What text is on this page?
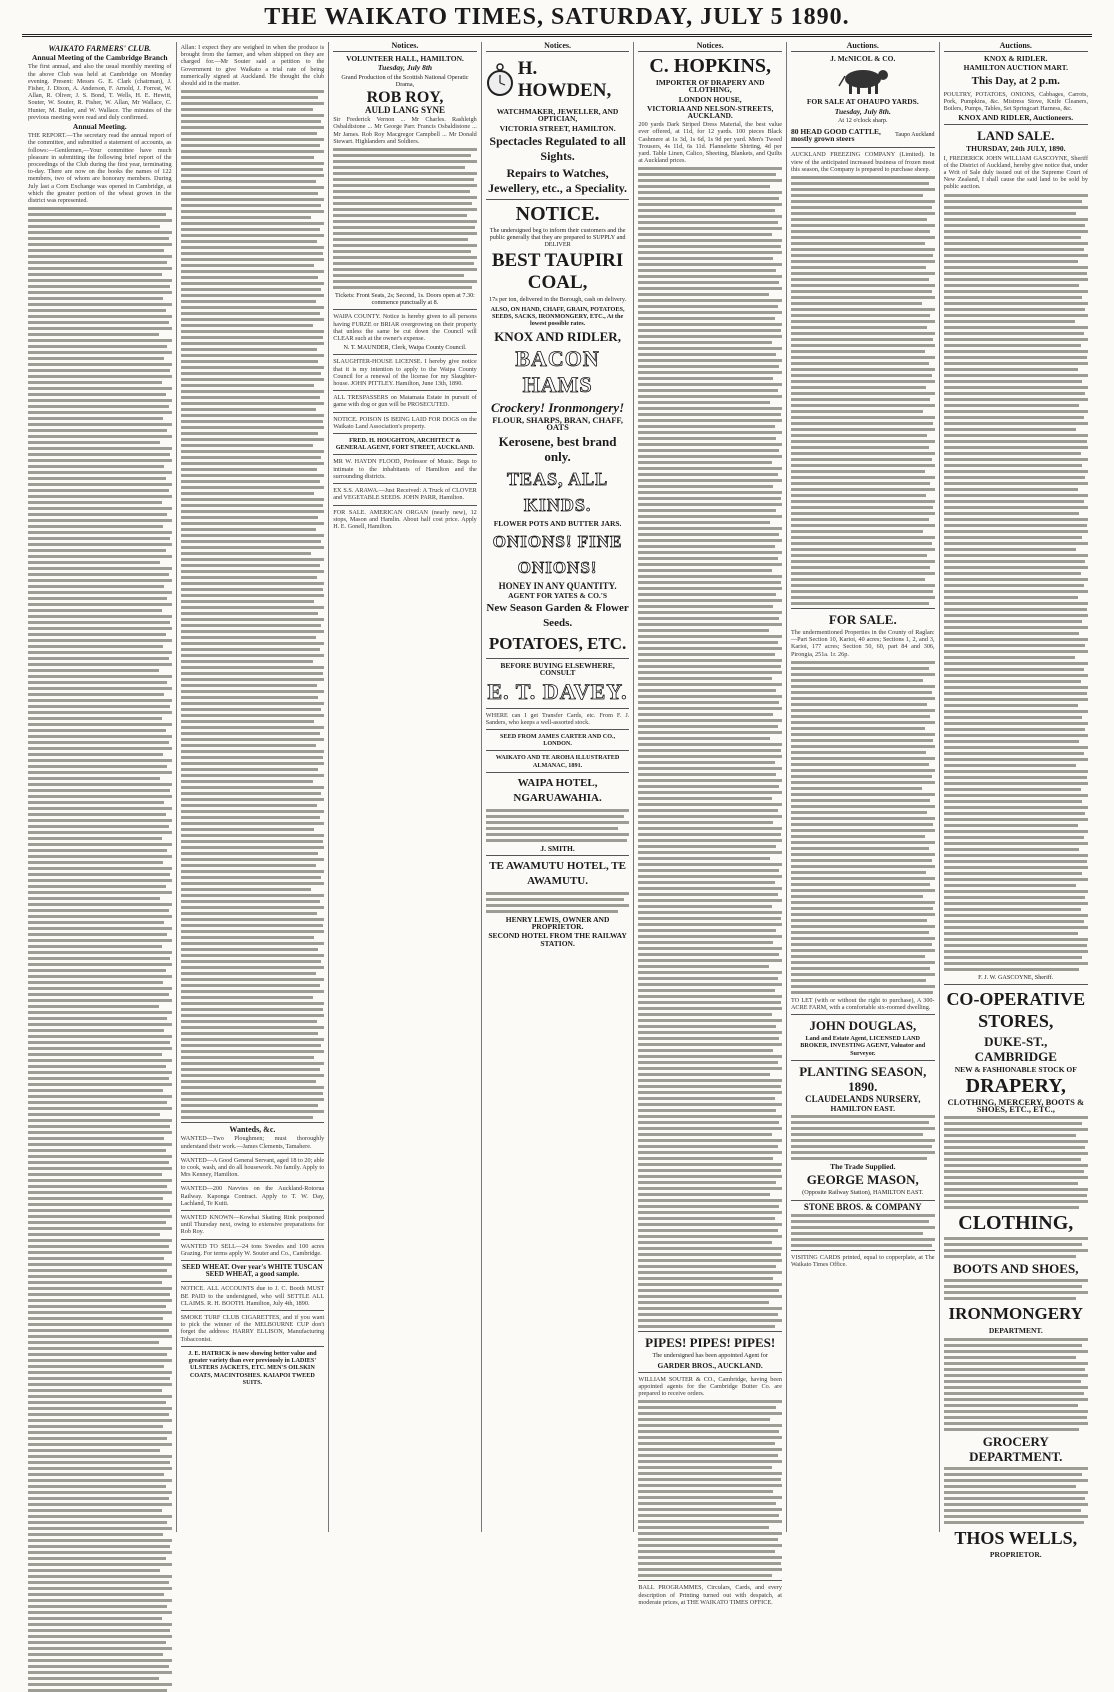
THE WAIKATO TIMES, SATURDAY, JULY 5 1890.
WAIKATO FARMERS' CLUB.
Annual Meeting of the Cambridge Branch

The first annual, and also the usual monthly meeting of the above Club was held at Cambridge on Monday evening. Present: Messrs G. E. Clark (chairman), J. Fisher, J. Dixon, A. Anderson, F. Arnold, J. Forrest, W. Allan, R. Oliver, J. S. Bond, T. Wells, H. E. Hewitt, Souter, W. Souter, R. Fisher, W. Allan, Mr Wallace, C. Hunter, M. Butler, and W. Wallace. The minutes of the previous meeting were read and duly confirmed.

Annual Meeting.

THE REPORT.—The secretary read the annual report of the committee, and submitted a statement of accounts, as follows:—Gentlemen,—Your committee have much pleasure in submitting the following brief report of the proceedings of the Club during the first year, terminating to-day. There are now on the books the names of 122 members, two of whom are honorary members. During July last a Corn Exchange was opened in Cambridge, at which the greater portion of the wheat grown in the district was represented.

Allan: I expect they are weighed in when the produce is brought from the farmer, and when shipped on they are charged for.—Mr Souter said a petition to the Government to give Waikato a trial rate of being numerically signed at Auckland. He thought the club should aid in the matter.

Wanteds, &c.

WANTED—Two Ploughmen; must thoroughly understand their work.—James Clements, Tamahere.

WANTED—A Good General Servant, aged 18 to 20; able to cook, wash, and do all housework. No family. Apply to Mrs Kenney, Hamilton.

WANTED—200 Navvies on the Auckland-Rotorua Railway. Kaponga Contract. Apply to T. W. Day, Lachland, Te Kuiti.

WANTED KNOWN—Kowhai Skating Rink postponed until Thursday next, owing to extensive preparations for Rob Roy.

WANTED TO SELL—24 tons Swedes and 100 acres Grazing. For terms apply W. Souter and Co., Cambridge.

SEED WHEAT. Over year's WHITE TUSCAN SEED WHEAT, a good sample.

NOTICE. ALL ACCOUNTS due to J. C. Booth MUST BE PAID to the undersigned, who will SETTLE ALL CLAIMS. R. H. BOOTH. Hamilton, July 4th, 1890.

SMOKE TURF CLUB CIGARETTES, and if you want to pick the winner of the MELBOURNE CUP don't forget the address: HARRY ELLISON, Manufacturing Tobacconist.

J. E. HATRICK is now showing better value and greater variety than ever previously in LADIES' ULSTERS JACKETS, ETC. MEN'S OILSKIN COATS, MACINTOSHES. KAIAPOI TWEED SUITS.

Notices.
VOLUNTEER HALL, HAMILTON.
Tuesday, July 8th

Grand Production of the Scottish National Operatic Drama,

ROB ROY,
AULD LANG SYNE

Sir Frederick Vernon ... Mr Charles. Rashleigh Osbaldistone ... Mr George Parr. Francis Osbaldistone ... Mr James. Rob Roy Macgregor Campbell ... Mr Donald Stewart. Highlanders and Soldiers.

Tickets: Front Seats, 2s; Second, 1s. Doors open at 7.30: commence punctually at 8.

WAIPA COUNTY. Notice is hereby given to all persons having FURZE or BRIAR overgrowing on their property that unless the same be cut down the Council will CLEAR such at the owner's expense.

N. T. MAUNDER, Clerk, Waipa County Council.

SLAUGHTER-HOUSE LICENSE. I hereby give notice that it is my intention to apply to the Waipa County Council for a renewal of the license for my Slaughter-house. JOHN PITTLEY. Hamilton, June 13th, 1890.

ALL TRESPASSERS on Matamata Estate in pursuit of game with dog or gun will be PROSECUTED.

NOTICE. POISON IS BEING LAID FOR DOGS on the Waikato Land Association's property.

FRED. H. HOUGHTON, ARCHITECT & GENERAL AGENT, FORT STREET, AUCKLAND.

MR W. HAYDN FLOOD, Professor of Music. Begs to intimate to the inhabitants of Hamilton and the surrounding districts.

EX S.S. ARAWA.—Just Received: A Truck of CLOVER and VEGETABLE SEEDS. JOHN PARR, Hamilton.

FOR SALE. AMERICAN ORGAN (nearly new), 12 stops, Mason and Hamlin. About half cost price. Apply H. E. Gonell, Hamilton.

Notices.
H. HOWDEN,
WATCHMAKER, JEWELLER, AND OPTICIAN,
VICTORIA STREET, HAMILTON.
Spectacles Regulated to all Sights.
Repairs to Watches, Jewellery, etc., a Speciality.
NOTICE.

The undersigned beg to inform their customers and the public generally that they are prepared to SUPPLY and DELIVER

BEST TAUPIRI COAL,

17s per ton, delivered in the Borough, cash on delivery.

ALSO, ON HAND, CHAFF, GRAIN, POTATOES, SEEDS, SACKS, IRONMONGERY, ETC., At the lowest possible rates.

KNOX AND RIDLER,
BACON HAMS
Crockery! Ironmongery!
FLOUR, SHARPS, BRAN, CHAFF, OATS
Kerosene, best brand only.
TEAS, ALL KINDS.
FLOWER POTS AND BUTTER JARS.
ONIONS! FINE ONIONS!
HONEY IN ANY QUANTITY.
AGENT FOR YATES & CO.'S
New Season Garden & Flower Seeds.
POTATOES, ETC.
BEFORE BUYING ELSEWHERE, CONSULT
E. T. DAVEY.

WHERE can I get Transfer Cards, etc. From F. J. Sanders, who keeps a well-assorted stock.

SEED FROM JAMES CARTER AND CO., LONDON.

WAIKATO AND TE AROHA ILLUSTRATED ALMANAC, 1891.

WAIPA HOTEL, NGARUAWAHIA.
J. SMITH.
TE AWAMUTU HOTEL, TE AWAMUTU.
HENRY LEWIS, OWNER AND PROPRIETOR.
SECOND HOTEL FROM THE RAILWAY STATION.
Notices.
C. HOPKINS,
IMPORTER OF DRAPERY AND CLOTHING,
LONDON HOUSE,
VICTORIA AND NELSON-STREETS, AUCKLAND.

200 yards Dark Striped Dress Material, the best value ever offered, at 11d, for 12 yards. 100 pieces Black Cashmere at 1s 3d, 1s 6d, 1s 9d per yard. Men's Tweed Trousers, 4s 11d, 6s 11d. Flannelette Shirting, 4d per yard. Table Linen, Calico, Sheeting, Blankets, and Quilts at Auckland prices.

PIPES! PIPES! PIPES!

The undersigned has been appointed Agent for

GARDER BROS., AUCKLAND.

WILLIAM SOUTER & CO., Cambridge, having been appointed agents for the Cambridge Butter Co. are prepared to receive orders.

BALL PROGRAMMES, Circulars, Cards, and every description of Printing turned out with despatch, at moderate prices, at THE WAIKATO TIMES OFFICE.

Auctions.
J. McNICOL & CO.
FOR SALE AT OHAUPO YARDS.
Tuesday, July 8th.

At 12 o'clock sharp.

80 HEAD GOOD CATTLE, mostly grown steers	Taupo Auckland

AUCKLAND FREEZING COMPANY (Limited). In view of the anticipated increased business of frozen meat this season, the Company is prepared to purchase sheep.

FOR SALE.

The undermentioned Properties in the County of Raglan:—Part Section 10, Karioi, 40 acres; Sections 1, 2, and 3, Karioi, 177 acres; Section 50, 60, part 84 and 306, Pirongia, 251a. 1r. 26p.

TO LET (with or without the right to purchase), A 300-ACRE FARM, with a comfortable six-roomed dwelling.

JOHN DOUGLAS,

Land and Estate Agent, LICENSED LAND BROKER, INVESTING AGENT, Valuator and Surveyor.

PLANTING SEASON, 1890.
CLAUDELANDS NURSERY,
HAMILTON EAST.
The Trade Supplied.
GEORGE MASON,

(Opposite Railway Station), HAMILTON EAST.

STONE BROS. & COMPANY

VISITING CARDS printed, equal to copperplate, at The Waikato Times Office.

Auctions.
KNOX & RIDLER.
HAMILTON AUCTION MART.
This Day, at 2 p.m.

POULTRY, POTATOES, ONIONS, Cabbages, Carrots, Pork, Pumpkins, &c. Mistress Stove, Knife Cleaners, Boilers, Pumps, Tables, Set Springcart Harness, &c.

KNOX AND RIDLER, Auctioneers.
LAND SALE.
THURSDAY, 24th JULY, 1890.

I, FREDERICK JOHN WILLIAM GASCOYNE, Sheriff of the District of Auckland, hereby give notice that, under a Writ of Sale duly issued out of the Supreme Court of New Zealand, I shall cause the said land to be sold by public auction.

F. J. W. GASCOYNE, Sheriff.

CO-OPERATIVE STORES,
DUKE-ST., CAMBRIDGE
NEW & FASHIONABLE STOCK OF
DRAPERY,
CLOTHING, MERCERY, BOOTS & SHOES, ETC., ETC.,
CLOTHING,
BOOTS AND SHOES,
IRONMONGERY
DEPARTMENT.
GROCERY DEPARTMENT.
THOS WELLS,
PROPRIETOR.
